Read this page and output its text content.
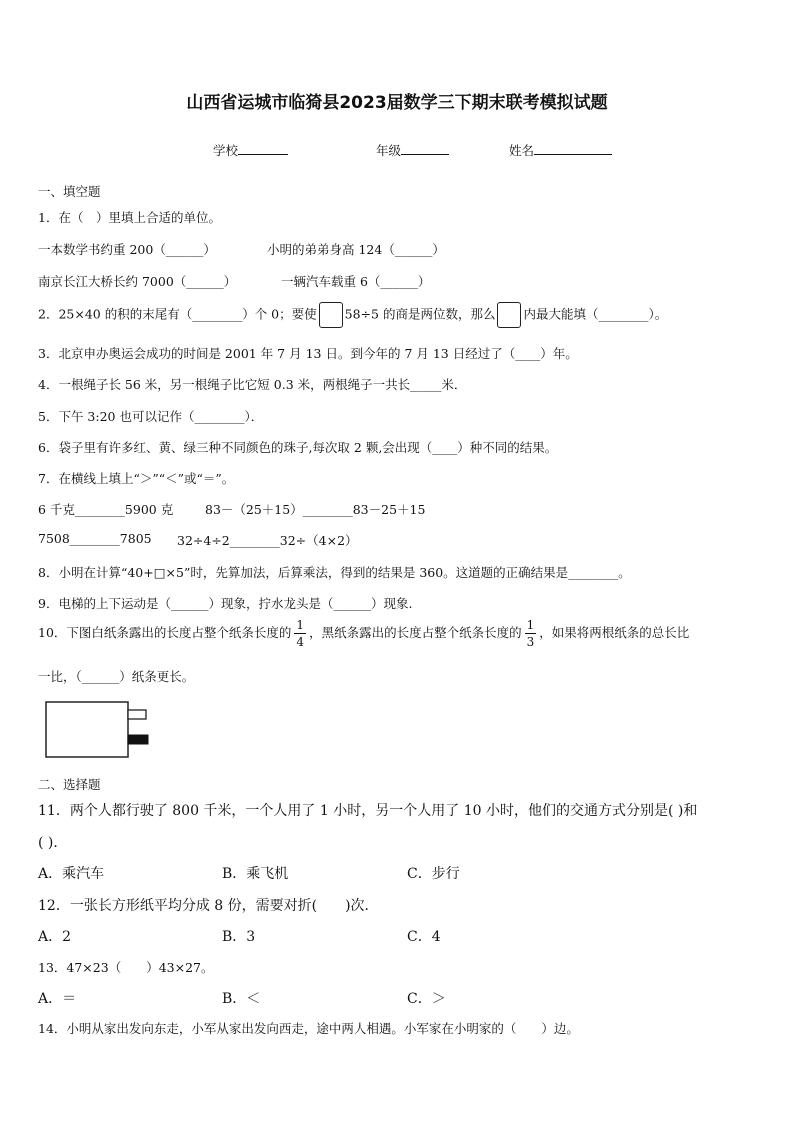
山西省运城市临猗县2023届数学三下期末联考模拟试题
学校	年级	姓名
一、填空题
1．在（　）里填上合适的单位。
一本数学书约重 200（______）	小明的弟弟身高 124（______）
南京长江大桥长约 7000（______）	一辆汽车载重 6（______）
2．25×40 的积的末尾有（________）个 0；要使 58÷5 的商是两位数，那么 内最大能填（________）。
3．北京申办奥运会成功的时间是 2001 年 7 月 13 日。到今年的 7 月 13 日经过了（____）年。
4．一根绳子长 56 米，另一根绳子比它短 0.3 米，两根绳子一共长_____米．
5．下午 3:20 也可以记作（________）．
6．袋子里有许多红、黄、绿三种不同颜色的珠子,每次取 2 颗,会出现（____）种不同的结果。
7．在横线上填上“＞”“＜”或“＝”。
6 千克________5900 克	83－（25＋15）________83－25＋15
7508________7805 32÷4÷2________32÷（4×2）
8．小明在计算“40+□×5”时，先算加法，后算乘法，得到的结果是 360。这道题的正确结果是________。
9．电梯的上下运动是（______）现象，拧水龙头是（______）现象.
10．下图白纸条露出的长度占整个纸条长度的 $\frac{1}{4}$ ，黑纸条露出的长度占整个纸条长度的 $\frac{1}{3}$ ，如果将两根纸条的总长比
一比，（______）纸条更长。
二、选择题
11．两个人都行驶了 800 千米，一个人用了 1 小时，另一个人用了 10 小时，他们的交通方式分别是( )和
( )．
A．乘汽车	B．乘飞机	C．步行
12．一张长方形纸平均分成 8 份，需要对折(　　)次．
A．2	B．3	C．4
13．47×23（　　）43×27。
A．＝	B．＜	C．＞
14．小明从家出发向东走，小军从家出发向西走，途中两人相遇。小军家在小明家的（　　）边。
